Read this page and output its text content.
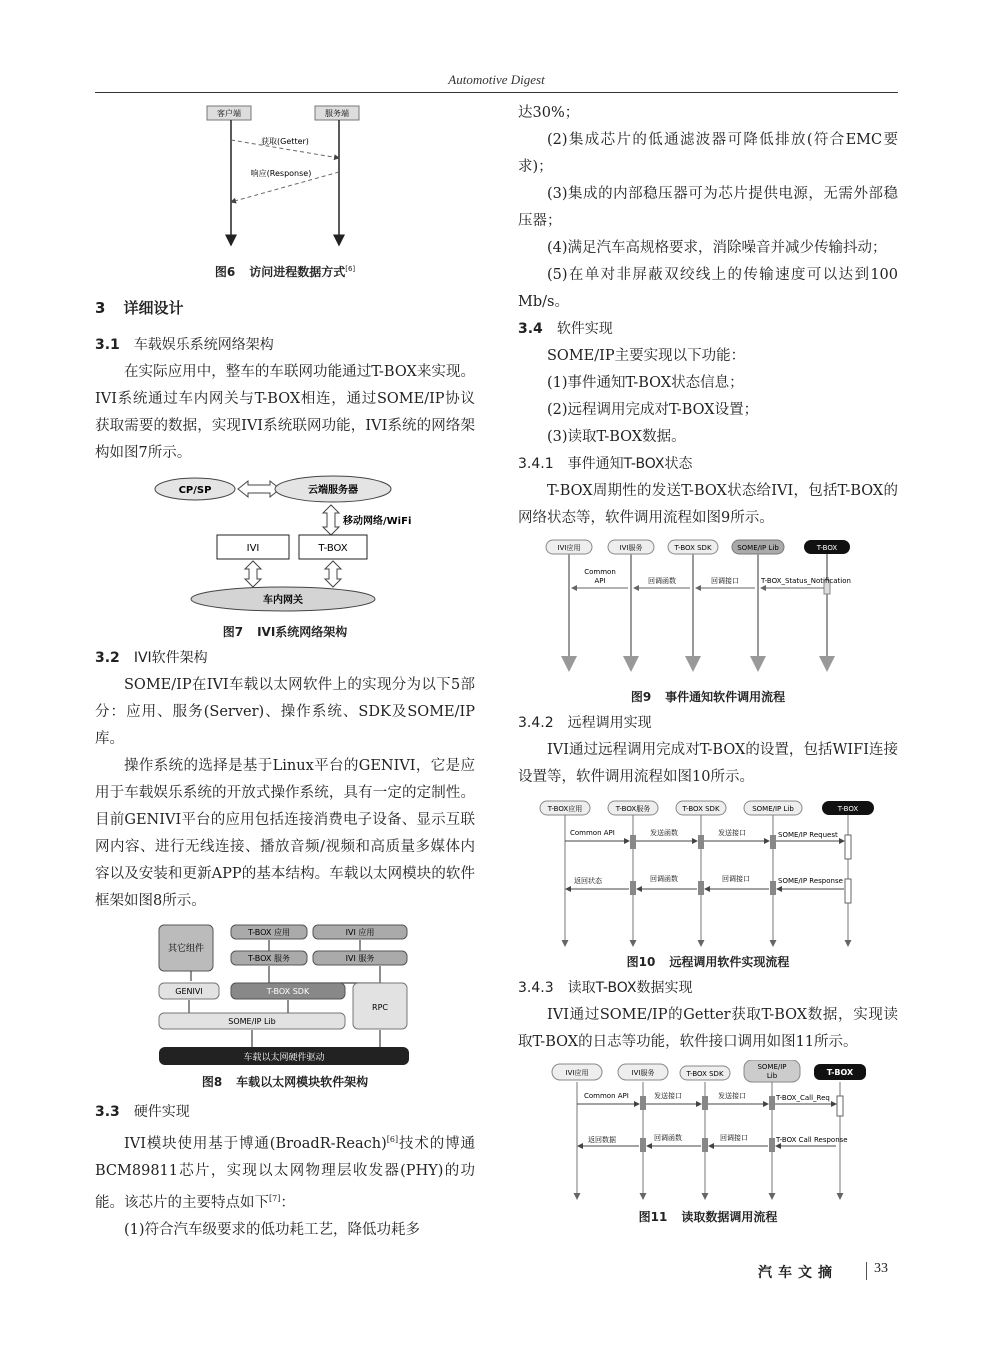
Automotive Digest
客户端	服务端
获取(Getter)
响应(Response)
图6 访问进程数据方式[6]
3 详细设计
3.1 车载娱乐系统网络架构

在实际应用中，整车的车联网功能通过T-BOX来实现。IVI系统通过车内网关与T-BOX相连，通过SOME/IP协议获取需要的数据，实现IVI系统联网功能，IVI系统的网络架构如图7所示。

CP/SP	云端服务器
移动网络/WiFi
IVI	T-BOX
车内网关
图7 IVI系统网络架构
3.2 IVI软件架构

SOME/IP在IVI车载以太网软件上的实现分为以下5部分：应用、服务(Server)、操作系统、SDK及SOME/IP库。

操作系统的选择是基于Linux平台的GENIVI，它是应用于车载娱乐系统的开放式操作系统，具有一定的定制性。目前GENIVI平台的应用包括连接消费电子设备、显示互联网内容、进行无线连接、播放音频/视频和高质量多媒体内容以及安装和更新APP的基本结构。车载以太网模块的软件框架如图8所示。

其它组件
T-BOX 应用	IVI 应用
T-BOX 服务	IVI 服务
GENIVI	T-BOX SDK
RPC
SOME/IP Lib
车载以太网硬件驱动
图8 车载以太网模块软件架构
3.3 硬件实现

IVI模块使用基于博通(BroadR-Reach)[6]技术的博通BCM89811芯片，实现以太网物理层收发器(PHY)的功能。该芯片的主要特点如下[7]：

(1)符合汽车级要求的低功耗工艺，降低功耗多

达30%；

(2)集成芯片的低通滤波器可降低排放(符合EMC要求)；

(3)集成的内部稳压器可为芯片提供电源，无需外部稳压器；

(4)满足汽车高规格要求，消除噪音并减少传输抖动；

(5)在单对非屏蔽双绞线上的传输速度可以达到100 Mb/s。

3.4 软件实现

SOME/IP主要实现以下功能：

(1)事件通知T-BOX状态信息；

(2)远程调用完成对T-BOX设置；

(3)读取T-BOX数据。

3.4.1 事件通知T-BOX状态

T-BOX周期性的发送T-BOX状态给IVI，包括T-BOX的网络状态等，软件调用流程如图9所示。

IVI应用	IVI服务	T-BOX SDK	SOME/IP Lib	T-BOX
Common
API	回调函数	回调接口	T-BOX_Status_Notification
图9 事件通知软件调用流程
3.4.2 远程调用实现

IVI通过远程调用完成对T-BOX的设置，包括WIFI连接设置等，软件调用流程如图10所示。

T-BOX应用	T-BOX服务	T-BOX SDK	SOME/IP Lib	T-BOX
Common API	发送函数	发送接口	SOME/IP Request
返回状态	回调函数	回调接口	SOME/IP Response
图10 远程调用软件实现流程
3.4.3 读取T-BOX数据实现

IVI通过SOME/IP的Getter获取T-BOX数据，实现读取T-BOX的日志等功能，软件接口调用如图11所示。

IVI应用	IVI服务	T-BOX SDK
SOME/IP
Lib	T-BOX
Common API	发送接口	发送接口	T-BOX_Call_Req
返回数据	回调函数	回调接口	T-BOX Call Response
图11 读取数据调用流程
汽车文摘	33
